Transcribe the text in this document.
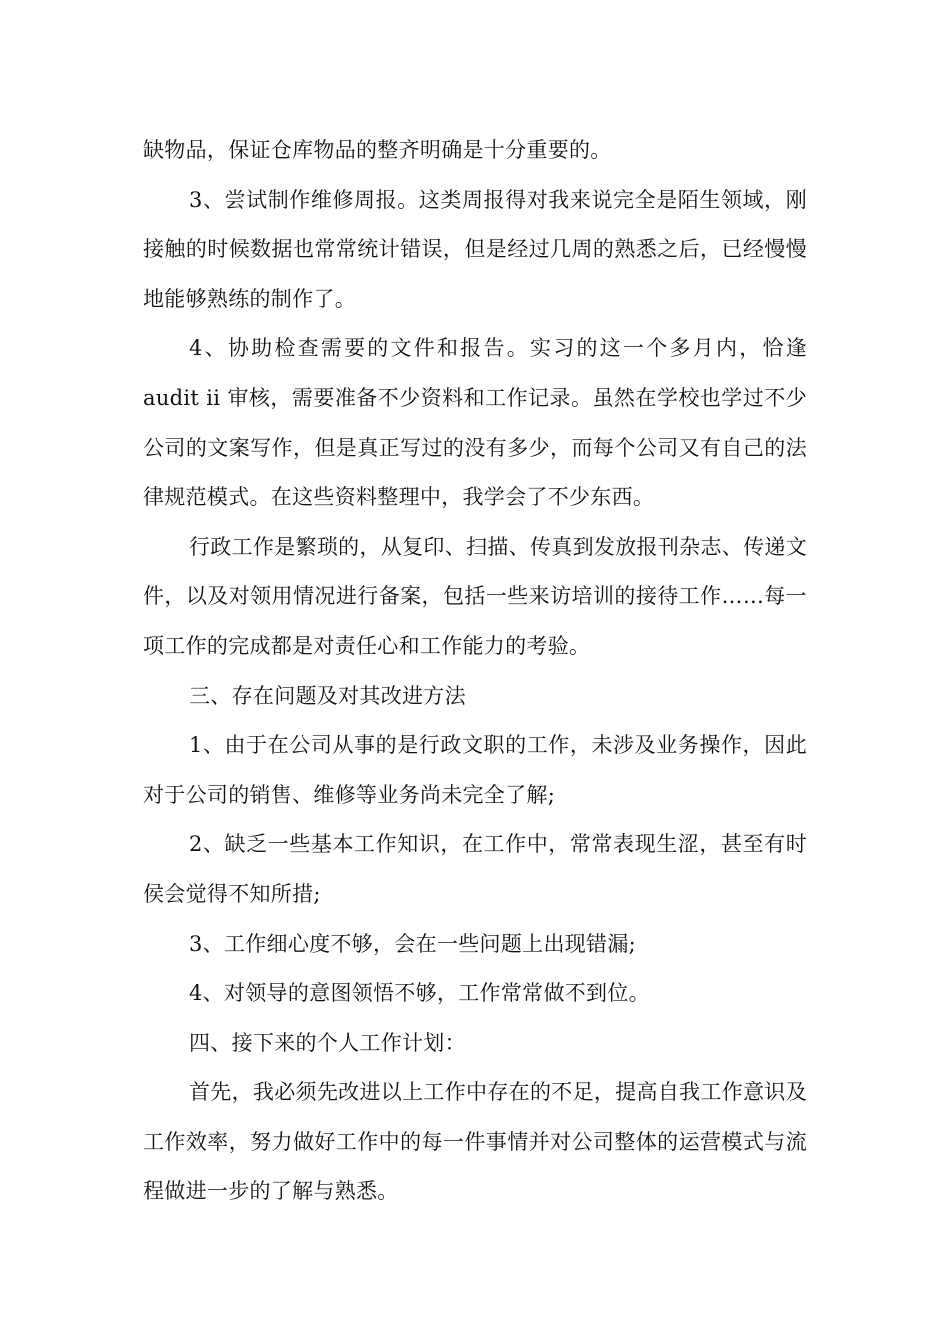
缺物品，保证仓库物品的整齐明确是十分重要的。

3、尝试制作维修周报。这类周报得对我来说完全是陌生领域，刚接触的时候数据也常常统计错误，但是经过几周的熟悉之后，已经慢慢地能够熟练的制作了。

4、协助检查需要的文件和报告。实习的这一个多月内，恰逢audit ii 审核，需要准备不少资料和工作记录。虽然在学校也学过不少公司的文案写作，但是真正写过的没有多少，而每个公司又有自己的法律规范模式。在这些资料整理中，我学会了不少东西。

行政工作是繁琐的，从复印、扫描、传真到发放报刊杂志、传递文件，以及对领用情况进行备案，包括一些来访培训的接待工作……每一项工作的完成都是对责任心和工作能力的考验。

三、存在问题及对其改进方法

1、由于在公司从事的是行政文职的工作，未涉及业务操作，因此对于公司的销售、维修等业务尚未完全了解;

2、缺乏一些基本工作知识，在工作中，常常表现生涩，甚至有时侯会觉得不知所措;

3、工作细心度不够，会在一些问题上出现错漏;

4、对领导的意图领悟不够，工作常常做不到位。

四、接下来的个人工作计划：

首先，我必须先改进以上工作中存在的不足，提高自我工作意识及工作效率，努力做好工作中的每一件事情并对公司整体的运营模式与流程做进一步的了解与熟悉。
